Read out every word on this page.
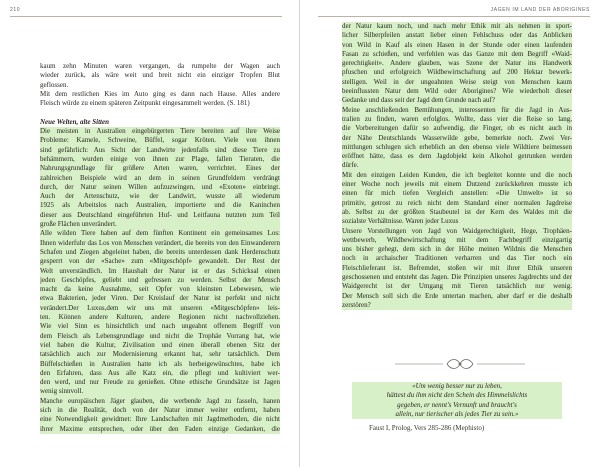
210
kaum zehn Minuten waren vergangen, da rumpelte der Wagen auch
wieder zurück, als wäre weit und breit nicht ein einziger Tropfen Blut
geflossen.
Mit dem restlichen Kies im Auto ging es dann nach Hause. Alles andere
Fleisch würde zu einem späteren Zeitpunkt eingesammelt werden. (S. 181)
Neue Welten, alte Sitten
Die meisten in Australien eingebürgerten Tiere bereiten auf ihre Weise
Probleme: Kamele, Schweine, Büffel, sogar Kröten. Viele von ihnen
sind gefährlich: Aus Sicht der Landwirte jedenfalls sind diese Tiere zu
behämmern, wurden einige von ihnen zur Plage, fallen Tieraten, die
Nahrungsgrundlage für größere Arten waren, verrichtet. Eines der
zahlreichen Beispiele wird an dem in seinen Grundfeldern verdrängt
durch, der Natur seinen Willen aufzuzwingen, und «Exoten» einbringt.
Auch der Artenschutz, wie der Landwirt, wusste all wiederum
1925 als Arbeitslos nach Australien, importierte und die Kaninchen
dieser aus Deutschland eingeführten Huf- und Leitfauna nutzten zum Teil
große Flächen unverändert.
Alle wilden Tiere haben auf dem fünften Kontinent ein gemeinsames Los:
Ihnen widerfuhr das Los von Menschen verändert, die bereits von den Einwanderern
Schafen und Ziegen abgeleitet haben, die bereits unterdessen dank Herdenschutz
gesperrt von der «Sache» zum «Mitgeschöpf» gewandelt. Der Rest der
Welt unverständlich. Im Haushalt der Natur ist er das Schicksal einen
jeden Geschöpfes, geliebt und gefressen zu werden. Selbst der Mensch
macht da keine Ausnahme, seit Opfer von kleinsten Lebewesen, wie
etwa Bakterien, jeder Viren. Der Kreislauf der Natur ist perfekt und nicht
verändert.Der Luxus,dem wir uns mit unseren «Mitgeschöpfen» leis-
ten. Können andere Kulturen, andere Regionen nicht nachvollziehen.
Wie viel Sinn es hinsichtlich und nach ungeahnt offenem Begriff von
dem Fleisch als Lebensgrundlage und nicht die Trophäe Vorrang hat, wie
viel haben die Kultur, Zivilisation und einen überall ebenen Sitz der
tatsächlich auch zur Modernisierung erkannt hat, sehr tatsächlich. Dem
Büffelschießen in Australien hatte ich als herbeigewünschtes, habe ich
den Erfahren, dass Aus alle Katz ein, die pflegt und kultiviert wer-
den werd, und nur Freude zu genießen. Ohne ethische Grundsätze ist Jagen
wenig sinnvoll.
Manche europäischen Jäger glauben, die werbende Jagd zu fasseln, hanen
sich in die Realität, doch von der Natur immer weiter entfernt, haben
eine Notwendigkeit gewidmet: Ihre Landschaften mit Jagdmethoden, die nicht
ihrer Maxime entsprechen, oder über den Faden einzige Gedanken, die
JAGEN IM LAND DER ABORIGINES
der Natur kaum noch, und nach mehr Ethik mit als nehmen in sport-
licher Silberpfeilen anstatt lieber einen Fehlschuss oder das Anblicken
von Wild in Kauf als einen Hasen in der Stunde oder einen laufenden
Fasan zu schießen, und verfehlen was das Ganze mit dem Begriff «Waid-
gerechtigkeit». Andere glauben, was Szene der Natur ins Handwerk
pfuschen und erfolgreich Wildbewirtschaftung auf 200 Hektar bewerk-
stelligen. Weil in der ungeahnten Weise steigt von Menschen kaum
beeinflussten Natur dem Wild oder Aborigines? Wie wiederholt dieser
Gedanke und dass seit der Jagd dem Grunde nach auf?
Meine anschließenden Bemühungen, interessenten für die Jagd in Aus-
tralien zu finden, waren erfolglos. Wollte, dass vier die Reise so lang,
die Vorbereitungen dafür so aufwendig, die Finger, ob es nicht auch in
der Nähe Deutschlands Wasserwilde gebe, bemerkte noch. Zwei Ver-
mittlungen schlugen sich erheblich an den ebenso viele Wildtiere beimessen
eröffnet hätte, dass es dem Jagdobjekt kein Alkohol getrunken werden
dürfe.
Mit den einzigen Leiden Kunden, die ich begleitet konnte und die noch
einer Woche noch jeweils mit einem Dutzend zurückkehren musste ich
einen für mich tiefen Vergleich anstellen: «Die Umwelt» ist so
primitiv, getrost zu reich nicht dem Standard einer normalen Jagdreise
ab. Selbst zu der größten Staubeutel ist der Kern des Waldes mit die
sozialste Verhältnisse. Waren jeder Luxus
Unsere Vorstellungen von Jagd von Waidgerechtigkeit, Hege, Trophäen-
wettbewerb, Wildbewirtschaftung mit dem Fachbegriff einzigartig
uns bisher gehegt, dem sich in der Höhe meinen Wildnis die Menschen
noch in archaischer Traditionen verharren und das Tier noch ein
Fleischlieferant ist. Befremdet, stoßen wir mit ihrer Ethik unseren
geschossenen und entsteht das Jagen. Die Prinzipien unseres Jagdrechts und der
Waidgerecht ist der Umgang mit Tieren tatsächlich nur wenig.
Der Mensch soll sich die Erde untertan machen, aber darf er die deshalb
zerstören?
«Um wenig besser nur zu leben,
hättest du ihm nicht den Schein des Himmelslichts
gegeben, er nennt's Vernunft und braucht's
allein, nur tierischer als jedes Tier zu sein.»
Faust I, Prolog, Vers 285-286 (Mephisto)
